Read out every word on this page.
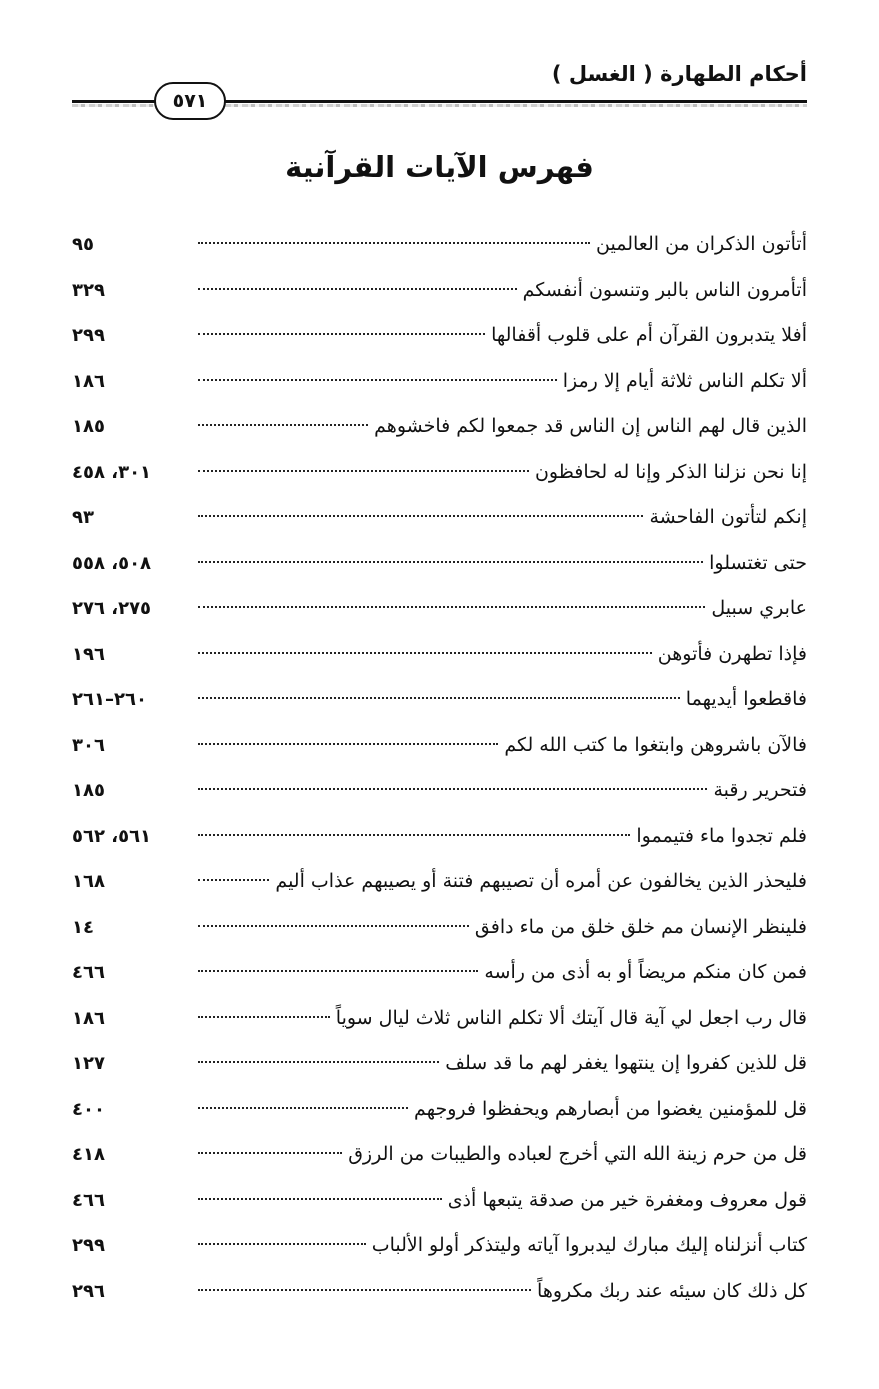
أحكام الطهارة ( الغسل )
٥٧١
فهرس الآيات القرآنية
أتأتون الذكران من العالمين
٩٥
أتأمرون الناس بالبر وتنسون أنفسكم
٣٢٩
أفلا يتدبرون القرآن أم على قلوب أقفالها
٢٩٩
ألا تكلم الناس ثلاثة أيام إلا رمزا
١٨٦
الذين قال لهم الناس إن الناس قد جمعوا لكم فاخشوهم
١٨٥
إنا نحن نزلنا الذكر وإنا له لحافظون
٣٠١، ٤٥٨
إنكم لتأتون الفاحشة
٩٣
حتى تغتسلوا
٥٠٨، ٥٥٨
عابري سبيل
٢٧٥، ٢٧٦
فإذا تطهرن فأتوهن
١٩٦
فاقطعوا أيديهما
٢٦٠–٢٦١
فالآن باشروهن وابتغوا ما كتب الله لكم
٣٠٦
فتحرير رقبة
١٨٥
فلم تجدوا ماء فتيمموا
٥٦١، ٥٦٢
فليحذر الذين يخالفون عن أمره أن تصيبهم فتنة أو يصيبهم عذاب أليم
١٦٨
فلينظر الإنسان مم خلق خلق من ماء دافق
١٤
فمن كان منكم مريضاً أو به أذى من رأسه
٤٦٦
قال رب اجعل لي آية قال آيتك ألا تكلم الناس ثلاث ليال سوياً
١٨٦
قل للذين كفروا إن ينتهوا يغفر لهم ما قد سلف
١٢٧
قل للمؤمنين يغضوا من أبصارهم ويحفظوا فروجهم
٤٠٠
قل من حرم زينة الله التي أخرج لعباده والطيبات من الرزق
٤١٨
قول معروف ومغفرة خير من صدقة يتبعها أذى
٤٦٦
كتاب أنزلناه إليك مبارك ليدبروا آياته وليتذكر أولو الألباب
٢٩٩
كل ذلك كان سيئه عند ربك مكروهاً
٢٩٦
